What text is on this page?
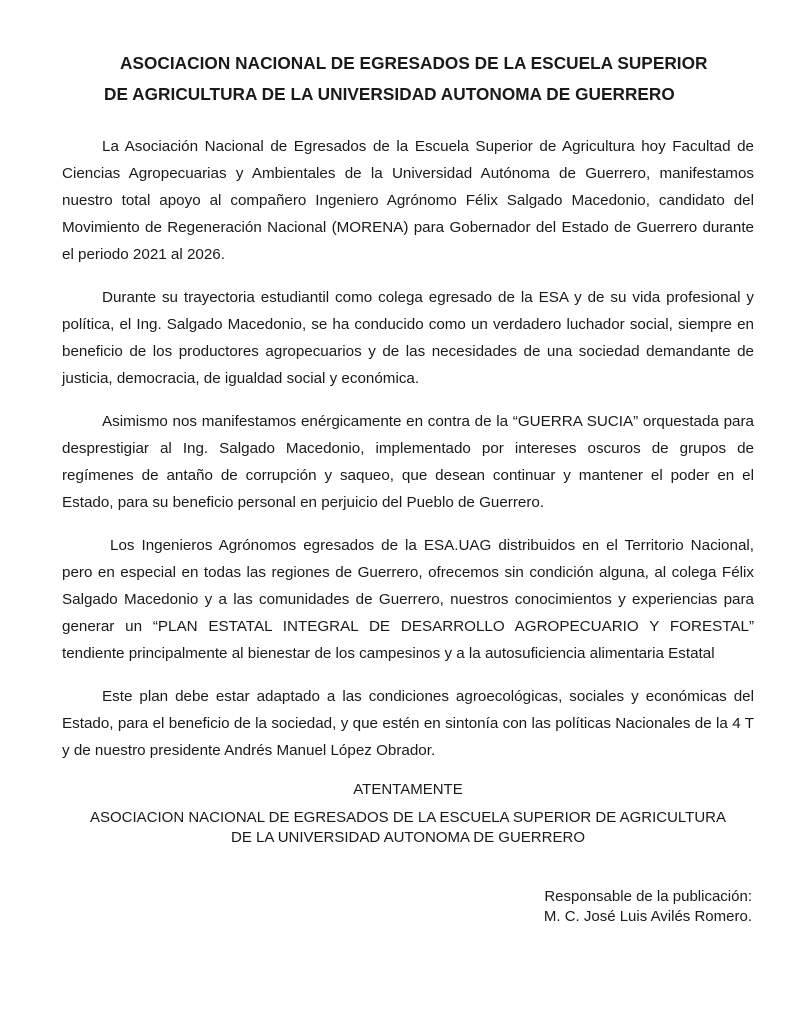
ASOCIACION NACIONAL DE EGRESADOS DE LA ESCUELA SUPERIOR
DE AGRICULTURA DE LA UNIVERSIDAD AUTONOMA DE GUERRERO

La Asociación Nacional de Egresados de la Escuela Superior de Agricultura hoy Facultad de Ciencias Agropecuarias y Ambientales de la Universidad Autónoma de Guerrero, manifestamos nuestro total apoyo al compañero Ingeniero Agrónomo Félix Salgado Macedonio, candidato del Movimiento de Regeneración Nacional (MORENA) para Gobernador del Estado de Guerrero durante el periodo 2021 al 2026.

Durante su trayectoria estudiantil como colega egresado de la ESA y de su vida profesional y política, el Ing. Salgado Macedonio, se ha conducido como un verdadero luchador social, siempre en beneficio de los productores agropecuarios y de las necesidades de una sociedad demandante de justicia, democracia, de igualdad social y económica.

Asimismo nos manifestamos enérgicamente en contra de la “GUERRA SUCIA” orquestada para desprestigiar al Ing. Salgado Macedonio, implementado por intereses oscuros de grupos de regímenes de antaño de corrupción y saqueo, que desean continuar y mantener el poder en el Estado, para su beneficio personal en perjuicio del Pueblo de Guerrero.

Los Ingenieros Agrónomos egresados de la ESA.UAG distribuidos en el Territorio Nacional, pero en especial en todas las regiones de Guerrero, ofrecemos sin condición alguna, al colega Félix Salgado Macedonio y a las comunidades de Guerrero, nuestros conocimientos y experiencias para generar un “PLAN ESTATAL INTEGRAL DE DESARROLLO AGROPECUARIO Y FORESTAL” tendiente principalmente al bienestar de los campesinos y a la autosuficiencia alimentaria Estatal

Este plan debe estar adaptado a las condiciones agroecológicas, sociales y económicas del Estado, para el beneficio de la sociedad, y que estén en sintonía con las políticas Nacionales de la 4 T y de nuestro presidente Andrés Manuel López Obrador.

ATENTAMENTE
ASOCIACION NACIONAL DE EGRESADOS DE LA ESCUELA SUPERIOR DE AGRICULTURA
DE LA UNIVERSIDAD AUTONOMA DE GUERRERO
Responsable de la publicación:
M. C. José Luis Avilés Romero.
